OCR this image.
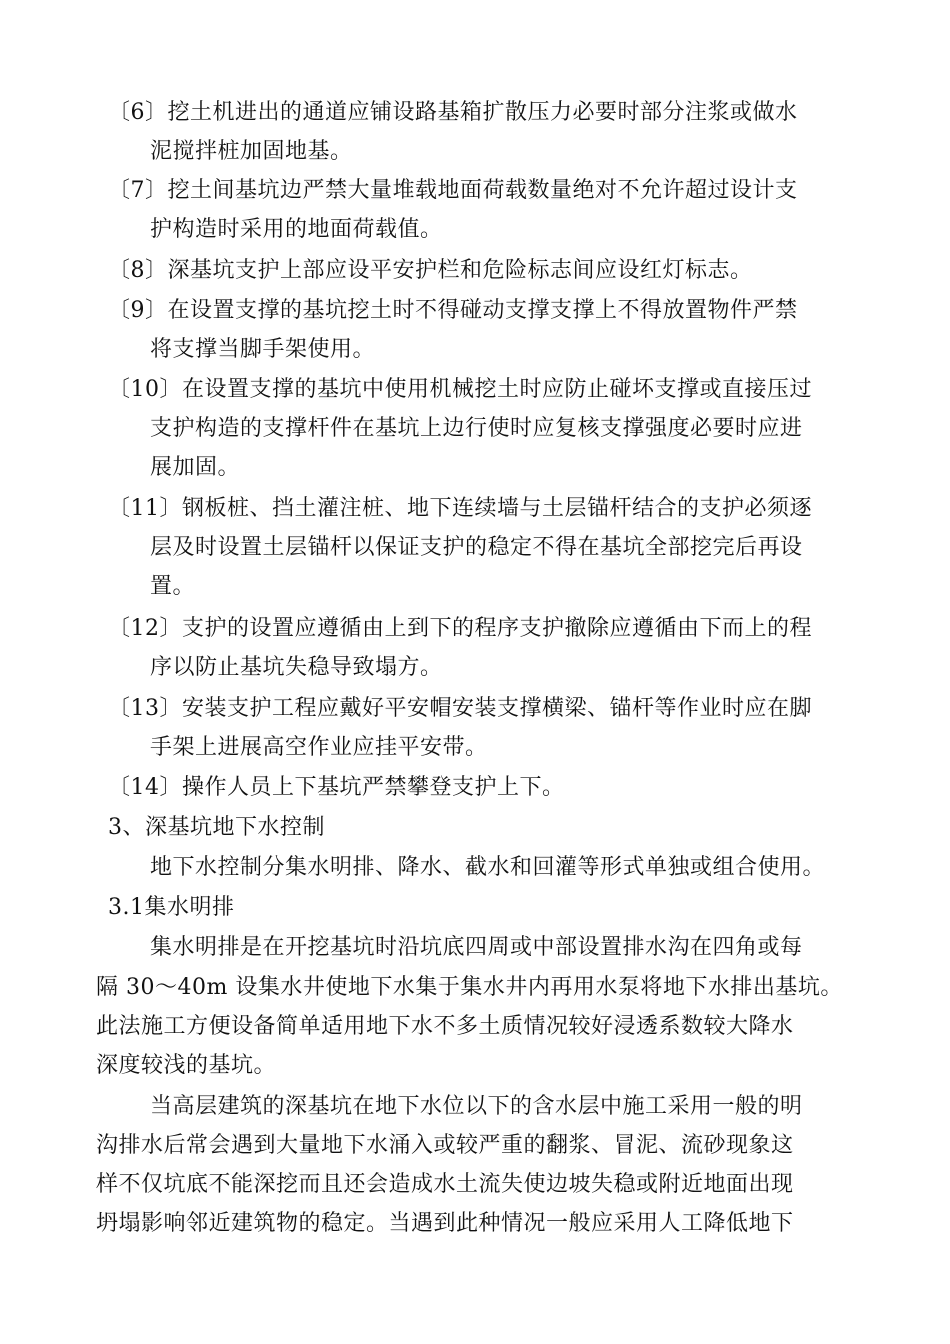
〔6〕挖土机进出的通道应铺设路基箱扩散压力必要时部分注浆或做水
泥搅拌桩加固地基。
〔7〕挖土间基坑边严禁大量堆载地面荷载数量绝对不允许超过设计支
护构造时采用的地面荷载值。
〔8〕深基坑支护上部应设平安护栏和危险标志间应设红灯标志。
〔9〕在设置支撑的基坑挖土时不得碰动支撑支撑上不得放置物件严禁
将支撑当脚手架使用。
〔10〕在设置支撑的基坑中使用机械挖土时应防止碰坏支撑或直接压过
支护构造的支撑杆件在基坑上边行使时应复核支撑强度必要时应进
展加固。
〔11〕钢板桩、挡土灌注桩、地下连续墙与土层锚杆结合的支护必须逐
层及时设置土层锚杆以保证支护的稳定不得在基坑全部挖完后再设
置。
〔12〕支护的设置应遵循由上到下的程序支护撤除应遵循由下而上的程
序以防止基坑失稳导致塌方。
〔13〕安装支护工程应戴好平安帽安装支撑横梁、锚杆等作业时应在脚
手架上进展高空作业应挂平安带。
〔14〕操作人员上下基坑严禁攀登支护上下。
3、深基坑地下水控制
地下水控制分集水明排、降水、截水和回灌等形式单独或组合使用。
3.1集水明排
集水明排是在开挖基坑时沿坑底四周或中部设置排水沟在四角或每
隔 30～40m 设集水井使地下水集于集水井内再用水泵将地下水排出基坑。
此法施工方便设备简单适用地下水不多土质情况较好浸透系数较大降水
深度较浅的基坑。
当高层建筑的深基坑在地下水位以下的含水层中施工采用一般的明
沟排水后常会遇到大量地下水涌入或较严重的翻浆、冒泥、流砂现象这
样不仅坑底不能深挖而且还会造成水土流失使边坡失稳或附近地面出现
坍塌影响邻近建筑物的稳定。当遇到此种情况一般应采用人工降低地下
